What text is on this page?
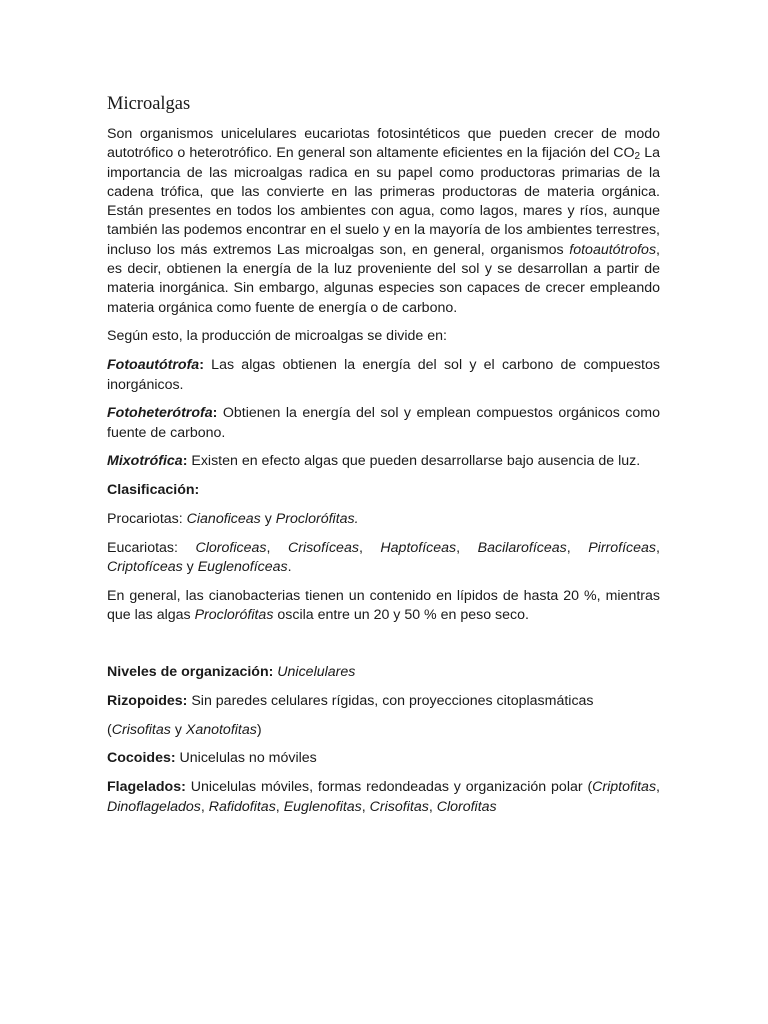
Microalgas

Son organismos unicelulares eucariotas fotosintéticos que pueden crecer de modo autotrófico o heterotrófico. En general son altamente eficientes en la fijación del $CO_2$ La importancia de las microalgas radica en su papel como productoras primarias de la cadena trófica, que las convierte en las primeras productoras de materia orgánica. Están presentes en todos los ambientes con agua, como lagos, mares y ríos, aunque también las podemos encontrar en el suelo y en la mayoría de los ambientes terrestres, incluso los más extremos Las microalgas son, en general, organismos fotoautótrofos, es decir, obtienen la energía de la luz proveniente del sol y se desarrollan a partir de materia inorgánica. Sin embargo, algunas especies son capaces de crecer empleando materia orgánica como fuente de energía o de carbono.

Según esto, la producción de microalgas se divide en:

Fotoautótrofa: Las algas obtienen la energía del sol y el carbono de compuestos inorgánicos.

Fotoheterótrofa: Obtienen la energía del sol y emplean compuestos orgánicos como fuente de carbono.

Mixotrófica: Existen en efecto algas que pueden desarrollarse bajo ausencia de luz.

Clasificación:

Procariotas: Cianoficeas y Proclorófitas.

Eucariotas: Cloroficeas, Crisofíceas, Haptofíceas, Bacilarofíceas, Pirrofíceas, Criptofíceas y Euglenofíceas.

En general, las cianobacterias tienen un contenido en lípidos de hasta 20 %, mientras que las algas Proclorófitas oscila entre un 20 y 50 % en peso seco.

Niveles de organización: Unicelulares

Rizopoides: Sin paredes celulares rígidas, con proyecciones citoplasmáticas

(Crisofitas y Xanotofitas)

Cocoides: Unicelulas no móviles

Flagelados: Unicelulas móviles, formas redondeadas y organización polar (Criptofitas, Dinoflagelados, Rafidofitas, Euglenofitas, Crisofitas, Clorofitas
